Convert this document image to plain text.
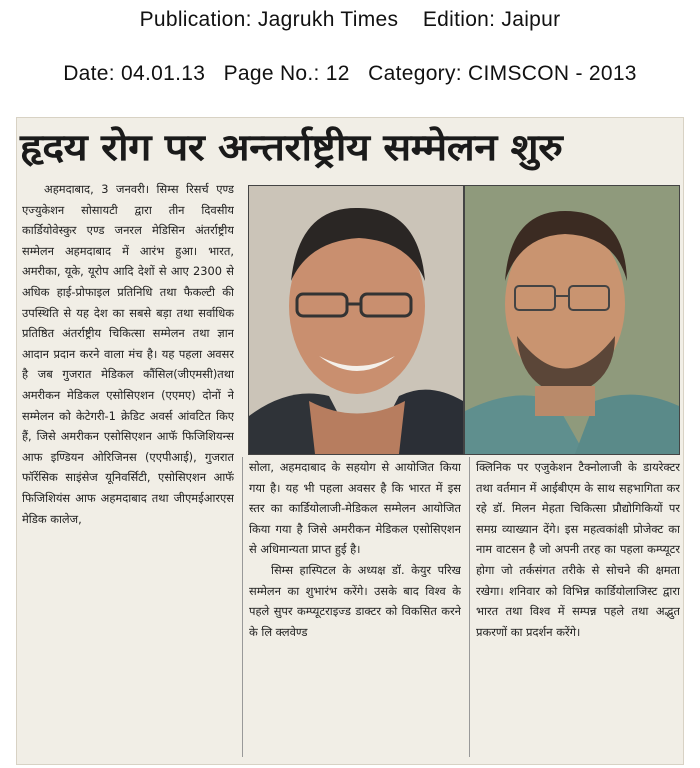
Publication: Jagrukh Times    Edition: Jaipur
Date: 04.01.13   Page No.: 12   Category: CIMSCON - 2013
हृदय रोग पर अन्तर्राष्ट्रीय सम्मेलन शुरु

अहमदाबाद, 3 जनवरी। सिम्स रिसर्च एण्ड एज्युकेशन सोसायटी द्वारा तीन दिवसीय कार्डियोवेस्कुर एण्ड जनरल मेडिसिन अंतर्राष्ट्रीय सम्मेलन अहमदाबाद में आरंभ हुआ। भारत, अमरीका, यूके, यूरोप आदि देशों से आए 2300 से अधिक हाई-प्रोफाइल प्रतिनिधि तथा फैकल्टी की उपस्थिति से यह देश का सबसे बड़ा तथा सर्वाधिक प्रतिष्ठित अंतर्राष्ट्रीय चिकित्सा सम्मेलन तथा ज्ञान आदान प्रदान करने वाला मंच है। यह पहला अवसर है जब गुजरात मेडिकल कौंसिल(जीएमसी)तथा अमरीकन मेडिकल एसोसिएशन (एएमए) दोनों ने सम्मेलन को केटेगरी-1 क्रेडिट अवर्स आंवटित किए हैं, जिसे अमरीकन एसोसिएशन आफॅ फिजिशियन्स आफ इण्डियन ओरिजिनस (एएपीआई), गुजरात फॉरेंसिक साइंसेज यूनिवर्सिटी, एसोसिएशन आफॅ फिजिशियंस आफ अहमदाबाद तथा जीएमईआरएस मेडिक कालेज,

सोला, अहमदाबाद के सहयोग से आयोजित किया गया है। यह भी पहला अवसर है कि भारत में इस स्तर का कार्डियोलाजी-मेडिकल सम्मेलन आयोजित किया गया है जिसे अमरीकन मेडिकल एसोसिएशन से अधिमान्यता प्राप्त हुई है।

सिम्स हास्पिटल के अध्यक्ष डॉ. केयुर परिख सम्मेलन का शुभारंभ करेंगे। उसके बाद विश्व के पहले सुपर कम्प्यूटराइज्ड डाक्टर को विकसित करने के लि क्लवेण्ड

क्लिनिक पर एजुकेशन टैक्नोलाजी के डायरेक्टर तथा वर्तमान में आईबीएम के साथ सहभागिता कर रहे डॉ. मिलन मेहता चिकित्सा प्रौद्योगिकियों पर समग्र व्याख्यान देंगे। इस महत्वकांक्षी प्रोजेक्ट का नाम वाटसन है जो अपनी तरह का पहला कम्प्यूटर होगा जो तर्कसंगत तरीके से सोचने की क्षमता रखेगा। शनिवार को विभिन्न कार्डियोलाजिस्ट द्वारा भारत तथा विश्व में सम्पन्न पहले तथा अद्भुत प्रकरणों का प्रदर्शन करेंगे।
